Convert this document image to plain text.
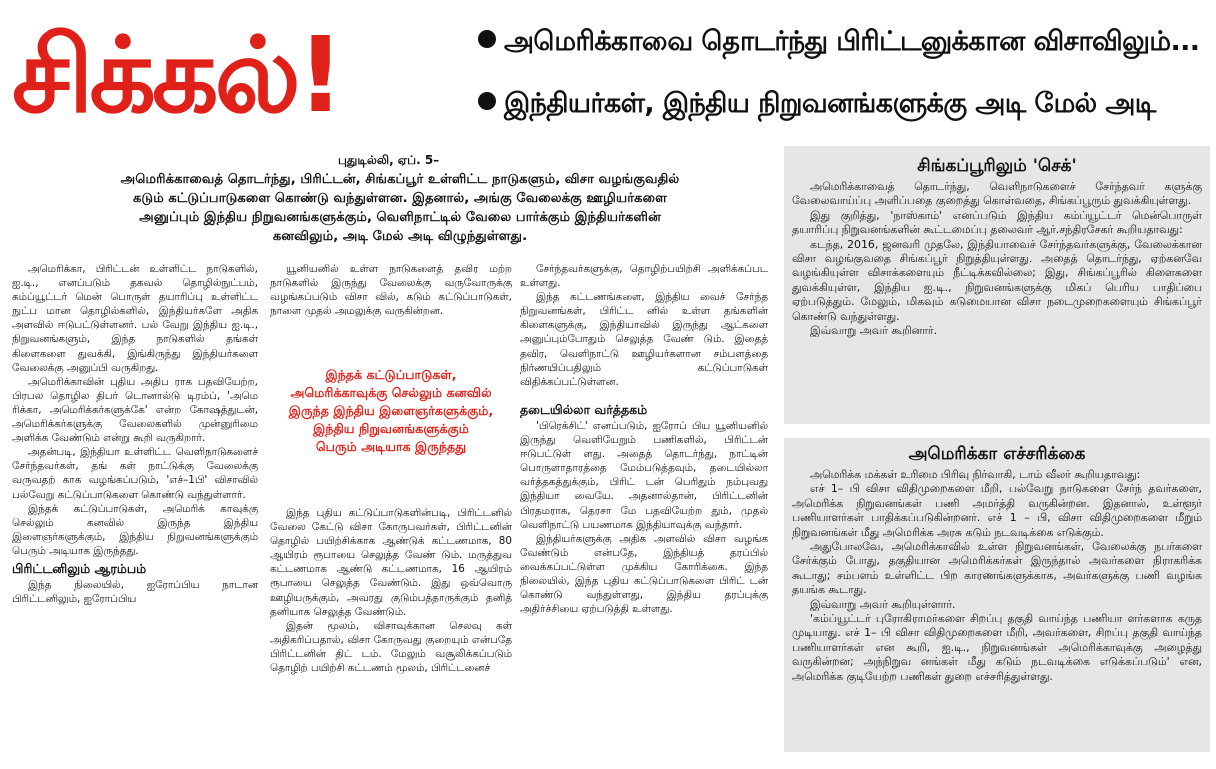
சிக்கல்!	அமெரிக்காவை தொடர்ந்து பிரிட்டனுக்கான விசாவிலும்...
இந்தியர்கள், இந்திய நிறுவனங்களுக்கு அடி மேல் அடி
புதுடில்லி, ஏப். 5–

அமெரிக்காவைத் தொடர்ந்து, பிரிட்டன், சிங்கப்பூர் உள்ளிட்ட நாடுகளும், விசா வழங்குவதில்

கடும் கட்டுப்பாடுகளை கொண்டு வந்துள்ளன. இதனால், அங்கு வேலைக்கு ஊழியர்களை

அனுப்பும் இந்திய நிறுவனங்களுக்கும், வெளிநாட்டில் வேலை பார்க்கும் இந்தியர்களின்

கனவிலும், அடி மேல் அடி விழுந்துள்ளது.

அமெரிக்கா, பிரிட்டன் உள்ளிட்ட நாடுகளில், ஐ.டி., எனப்படும் தகவல் தொழில்நுட்பம், கம்ப்யூட்டர் மென் பொருள் தயாரிப்பு உள்ளிட்ட நுட்ப மான தொழில்களில், இந்தியர்களே அதிக அளவில் ஈடுபட்டுள்ளனர். பல் வேறு இந்திய ஐ.டி., நிறுவனங்களும், இந்த நாடுகளில் தங்கள் கிளைகளை துவக்கி, இங்கிருந்து இந்தியர்களை வேலைக்கு அனுப்பி வருகிறது.

அமெரிக்காவின் புதிய அதிப ராக பதவியேற்ற, பிரபல தொழில திபர் டொனால்டு டிரம்ப், 'அமெ ரிக்கா, அமெரிக்கர்களுக்கே' என்ற கோஷத்துடன், அமெரிக்கர்களுக்கு வேலைகளில் முன்னுரிமை அளிக்க வேண்டும் என்று கூறி வருகிறார்.

அதன்படி, இந்தியா உள்ளிட்ட வெளிநாடுகளைச் சேர்ந்தவர்கள், தங் கள் நாட்டுக்கு வேலைக்கு வருவதற் காக வழங்கப்படும், 'எச்–1பி' விசாவில் பல்வேறு கட்டுப்பாடுகளை கொண்டு வந்துள்ளார்.

இந்தக் கட்டுப்பாடுகள், அமெரிக் காவுக்கு செல்லும் கனவில் இருந்த இந்திய இளைஞர்களுக்கும், இந்திய நிறுவனங்களுக்கும் பெரும் அடியாக இருந்தது.

பிரிட்டனிலும் ஆரம்பம்

இந்த நிலையில், ஐரோப்பிய நாடான பிரிட்டனிலும், ஐரோப்பிய

யூனியனில் உள்ள நாடுகளைத் தவிர மற்ற நாடுகளில் இருந்து வேலைக்கு வருவோருக்கு வழங்கப்படும் விசா வில், கடும் கட்டுப்பாடுகள், நாளை முதல் அமலுக்கு வருகின்றன.

இந்தக் கட்டுப்பாடுகள்,

அமெரிக்காவுக்கு செல்லும் கனவில்

இருந்த இந்திய இளைஞர்களுக்கும்,

இந்திய நிறுவனங்களுக்கும்

பெரும் அடியாக இருந்தது

இந்த புதிய கட்டுப்பாடுகளின்படி, பிரிட்டனில் வேலை கேட்டு விசா கோருபவர்கள், பிரிட்டனின் தொழில் பயிற்சிக்காக ஆண்டுக் கட்டணமாக, 80 ஆயிரம் ரூபாயை செலுத்த வேண் டும். மருத்துவ கட்டணமாக ஆண்டு கட்டணமாக, 16 ஆயிரம் ரூபாயை செலுத்த வேண்டும். இது ஒவ்வொரு ஊழியருக்கும், அவரது குடும்பத்தாருக்கும் தனித் தனியாக செலுத்த வேண்டும்.

இதன் மூலம், விசாவுக்கான செலவு கள் அதிகரிப்பதால், விசா கோருவது குறையும் என்பதே பிரிட்டனின் திட் டம். மேலும் வசூலிக்கப்படும் தொழிற் பயிற்சி கட்டணம் மூலம், பிரிட்டனைச்

சேர்ந்தவர்களுக்கு, தொழிற்பயிற்சி அளிக்கப்பட உள்ளது.

இந்த கட்டணங்களை, இந்திய வைச் சேர்ந்த நிறுவனங்கள், பிரிட்ட னில் உள்ள தங்களின் கிளைகளுக்கு, இந்தியாவில் இருந்து ஆட்களை அனுப்பும்போதும் செலுத்த வேண் டும். இதைத் தவிர, வெளிநாட்டு ஊழியர்களான சம்பளத்தை நிர்ணயிப்பதிலும் கட்டுப்பாடுகள் விதிக்கப்பட்டுள்ளன.

தடையில்லா வர்த்தகம்

'பிரெக்சிட்' எனப்படும், ஐரோப் பிய யூனியனில் இருந்து வெளியேறும் பணிகளில், பிரிட்டன் ஈடுபட்டுள் ளது. அதைத் தொடர்ந்து, நாட்டின் பொருளாதாரத்தை மேம்படுத்தவும், தடையில்லா வர்த்தகத்துக்கும், பிரிட் டன் பெரிதும் நம்புவது இந்தியா வையே. அதனால்தான், பிரிட்டனின் பிரதமராக, தெரசா மே பதவியேற்ற தும், முதல் வெளிநாட்டு பயணமாக இந்தியாவுக்கு வந்தார்.

இந்தியர்களுக்கு அதிக அளவில் விசா வழங்க வேண்டும் என்பதே, இந்தியத் தரப்பில் வைக்கப்பட்டுள்ள முக்கிய கோரிக்கை. இந்த நிலையில், இந்த புதிய கட்டுப்பாடுகளை பிரிட் டன் கொண்டு வந்துள்ளது, இந்திய தரப்புக்கு அதிர்ச்சியை ஏற்படுத்தி உள்ளது.

சிங்கப்பூரிலும் 'செக்'

அமெரிக்காவைத் தொடர்ந்து, வெளிநாடுகளைச் சேர்ந்தவர் களுக்கு வேலைவாய்ப்பு அளிப்பதை குறைத்து கொள்வதை, சிங்கப்பூரும் துவக்கியுள்ளது.

இது குறித்து, 'நாஸ்காம்' எனப்படும் இந்திய கம்ப்யூட்டர் மென்பொருள் தயாரிப்பு நிறுவனங்களின் கூட்டமைப்பு தலைவர் ஆர்.சந்திரசேகர் கூறியதாவது:

கடந்த, 2016, ஜனவரி முதலே, இந்தியாவைச் சேர்ந்தவர்களுக்கு, வேலைக்கான விசா வழங்குவதை சிங்கப்பூர் நிறுத்தியுள்ளது. அதைத் தொடர்ந்து, ஏற்கனவே வழங்கியுள்ள விசாக்களையும் நீட்டிக்கவில்லை; இது, சிங்கப்பூரில் கிளைகளை துவக்கியுள்ள, இந்திய ஐ.டி., நிறுவனங்களுக்கு மிகப் பெரிய பாதிப்பை ஏற்படுத்தும். மேலும், மிகவும் கடுமையான விசா நடைமுறைகளையும் சிங்கப்பூர் கொண்டு வந்துள்ளது.

இவ்வாறு அவர் கூறினார்.

அமெரிக்கா எச்சரிக்கை

அமெரிக்க மக்கள் உரிமை பிரிவு நிர்வாகி, டாம் வீலர் கூறியதாவது:

எச் 1– பி விசா விதிமுறைகளை மீறி, பல்வேறு நாடுகளை சேர்ந் தவர்களை, அமெரிக்க நிறுவனங்கள் பணி அமர்த்தி வருகின்றன. இதனால், உள்ளூர் பணியாளர்கள் பாதிக்கப்படுகின்றனர். எச் 1 – பி, விசா விதிமுறைகளை மீறும் நிறுவனங்கள் மீது அமெரிக்க அரசு கடும் நடவடிக்கை எடுக்கும்.

அதுபோலவே, அமெரிக்காவில் உள்ள நிறுவனங்கள், வேலைக்கு நபர்களை சேர்க்கும் போது, தகுதியான அமெரிக்கர்கள் இருந்தால் அவர்களை நிராகரிக்க கூடாது; சம்பளம் உள்ளிட்ட பிற காரணங்களுக்காக, அவர்களுக்கு பணி வழங்க தயங்க கூடாது.

இவ்வாறு அவர் கூறியுள்ளார்.

'கம்ப்யூட்டர் புரோகிராமர்களை சிறப்பு தகுதி வாய்ந்த பணியா ளர்களாக கருத முடியாது. எச் 1– பி விசா விதிமுறைகளை மீறி, அவர்களை, சிறப்பு தகுதி வாய்ந்த பணியாளர்கள் என கூறி, ஐ.டி., நிறுவனங்கள் அமெரிக்காவுக்கு அழைத்து வருகின்றன; அந்நிறுவ னங்கள் மீது கடும் நடவடிக்கை எடுக்கப்படும்' என, அமெரிக்க குடியேற்ற பணிகள் துறை எச்சரித்துள்ளது.
